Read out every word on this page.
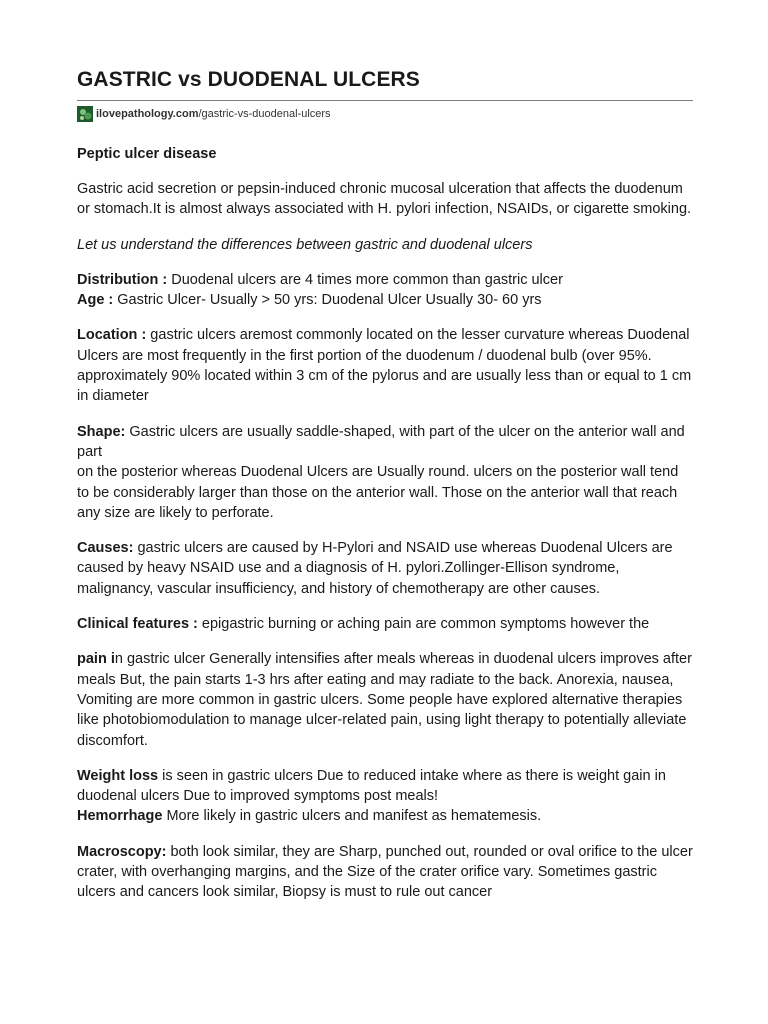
GASTRIC vs DUODENAL ULCERS
ilovepathology.com /gastric-vs-duodenal-ulcers
Peptic ulcer disease

Gastric acid secretion or pepsin-induced chronic mucosal ulceration that affects the duodenum or stomach.It is almost always associated with H. pylori infection, NSAIDs, or cigarette smoking.

Let us understand the differences between gastric and duodenal ulcers

Distribution : Duodenal ulcers are 4 times more common than gastric ulcer

Age : Gastric Ulcer- Usually > 50 yrs: Duodenal Ulcer Usually 30- 60 yrs

Location : gastric ulcers aremost commonly located on the lesser curvature whereas Duodenal Ulcers are most frequently in the first portion of the duodenum / duodenal bulb (over 95%. approximately 90% located within 3 cm of the pylorus and are usually less than or equal to 1 cm in diameter

Shape: Gastric ulcers are usually saddle-shaped, with part of the ulcer on the anterior wall and part

on the posterior whereas Duodenal Ulcers are Usually round. ulcers on the posterior wall tend to be considerably larger than those on the anterior wall. Those on the anterior wall that reach any size are likely to perforate.

Causes: gastric ulcers are caused by H-Pylori and NSAID use whereas Duodenal Ulcers are caused by heavy NSAID use and a diagnosis of H. pylori.Zollinger-Ellison syndrome, malignancy, vascular insufficiency, and history of chemotherapy are other causes.

Clinical features : epigastric burning or aching pain are common symptoms however the

pain in gastric ulcer Generally intensifies after meals whereas in duodenal ulcers improves after meals But, the pain starts 1-3 hrs after eating and may radiate to the back. Anorexia, nausea, Vomiting are more common in gastric ulcers. Some people have explored alternative therapies like photobiomodulation to manage ulcer-related pain, using light therapy to potentially alleviate discomfort.

Weight loss is seen in gastric ulcers Due to reduced intake where as there is weight gain in duodenal ulcers Due to improved symptoms post meals!

Hemorrhage More likely in gastric ulcers and manifest as hematemesis.

Macroscopy: both look similar, they are Sharp, punched out, rounded or oval orifice to the ulcer crater, with overhanging margins, and the Size of the crater orifice vary. Sometimes gastric ulcers and cancers look similar, Biopsy is must to rule out cancer
